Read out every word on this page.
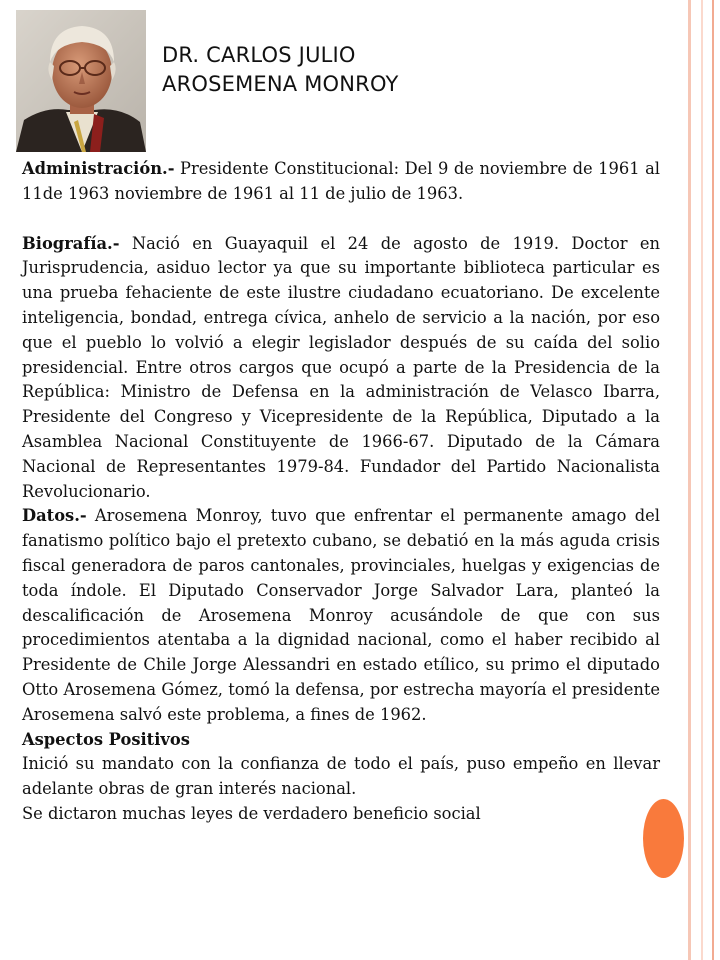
DR. CARLOS JULIO
AROSEMENA MONROY

Administración.- Presidente Constitucional: Del 9 de noviembre de 1961 al 11de 1963 noviembre de 1961 al 11 de julio de 1963.

Biografía.- Nació en Guayaquil el 24 de agosto de 1919. Doctor en Jurisprudencia, asiduo lector ya que su importante biblioteca particular es una prueba fehaciente de este ilustre ciudadano ecuatoriano. De excelente inteligencia, bondad, entrega cívica, anhelo de servicio a la nación, por eso que el pueblo lo volvió a elegir legislador después de su caída del solio presidencial. Entre otros cargos que ocupó a parte de la Presidencia de la República: Ministro de Defensa en la administración de Velasco Ibarra, Presidente del Congreso y Vicepresidente de la República, Diputado a la Asamblea Nacional Constituyente de 1966-67. Diputado de la Cámara Nacional de Representantes 1979-84. Fundador del Partido Nacionalista Revolucionario.

Datos.- Arosemena Monroy, tuvo que enfrentar el permanente amago del fanatismo político bajo el pretexto cubano, se debatió en la más aguda crisis fiscal generadora de paros cantonales, provinciales, huelgas y exigencias de toda índole. El Diputado Conservador Jorge Salvador Lara, planteó la descalificación de Arosemena Monroy acusándole de que con sus procedimientos atentaba a la dignidad nacional, como el haber recibido al Presidente de Chile Jorge Alessandri en estado etílico, su primo el diputado Otto Arosemena Gómez, tomó la defensa, por estrecha mayoría el presidente Arosemena salvó este problema, a fines de 1962.

Aspectos Positivos

Inició su mandato con la confianza de todo el país, puso empeño en llevar adelante obras de gran interés nacional.

Se dictaron muchas leyes de verdadero beneficio social
